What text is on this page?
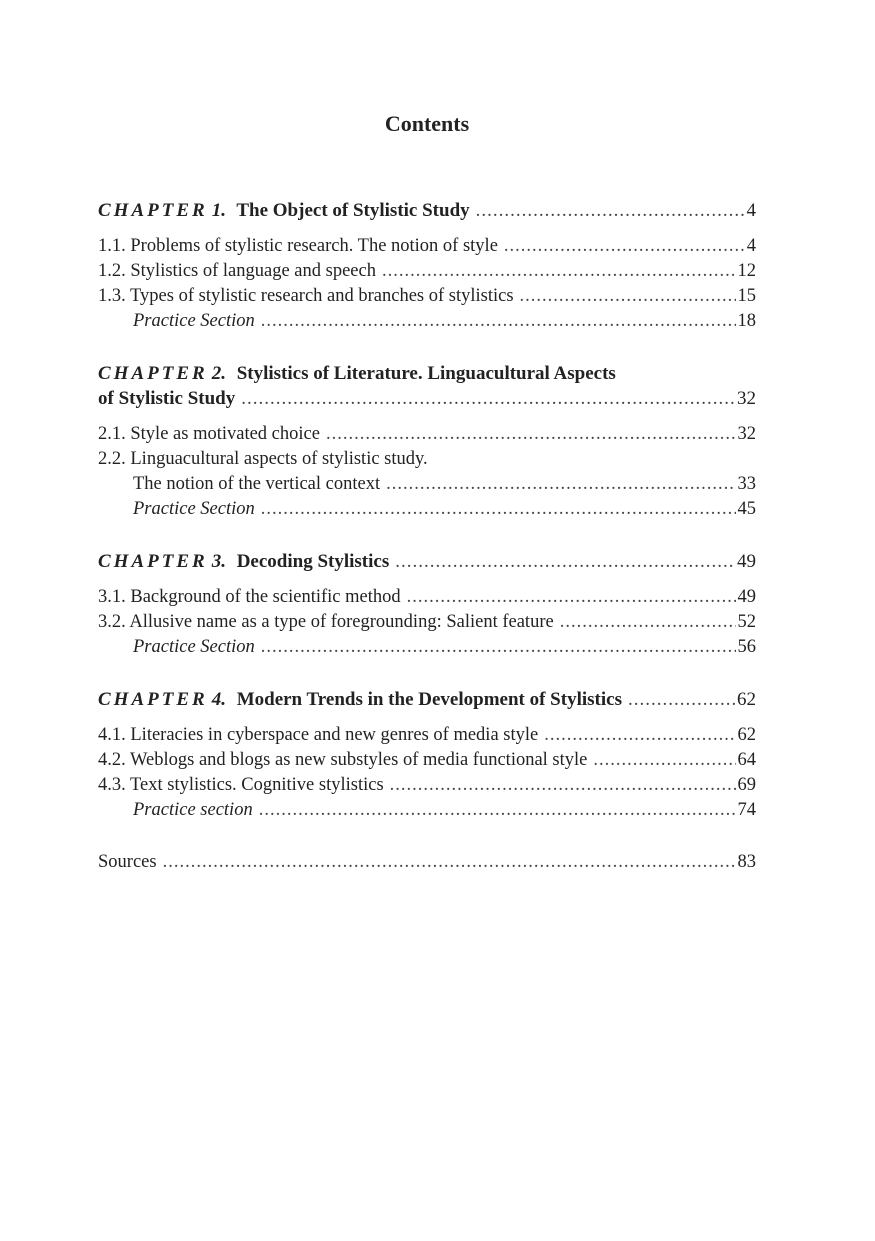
Contents
CHAPTER 1. The Object of Stylistic Study .....	4
1.1. Problems of stylistic research. The notion of style .....	4
1.2. Stylistics of language and speech .....	12
1.3. Types of stylistic research and branches of stylistics .....	15
Practice Section .....	18
CHAPTER 2. Stylistics of Literature. Linguacultural Aspects
of Stylistic Study .....	32
2.1. Style as motivated choice .....	32
2.2. Linguacultural aspects of stylistic study.
The notion of the vertical context .....	33
Practice Section .....	45
CHAPTER 3. Decoding Stylistics .....	49
3.1. Background of the scientific method .....	49
3.2. Allusive name as a type of foregrounding: Salient feature .....	52
Practice Section .....	56
CHAPTER 4. Modern Trends in the Development of Stylistics .....	62
4.1. Literacies in cyberspace and new genres of media style .....	62
4.2. Weblogs and blogs as new substyles of media functional style .....	64
4.3. Text stylistics. Cognitive stylistics .....	69
Practice section .....	74
Sources .....	83
